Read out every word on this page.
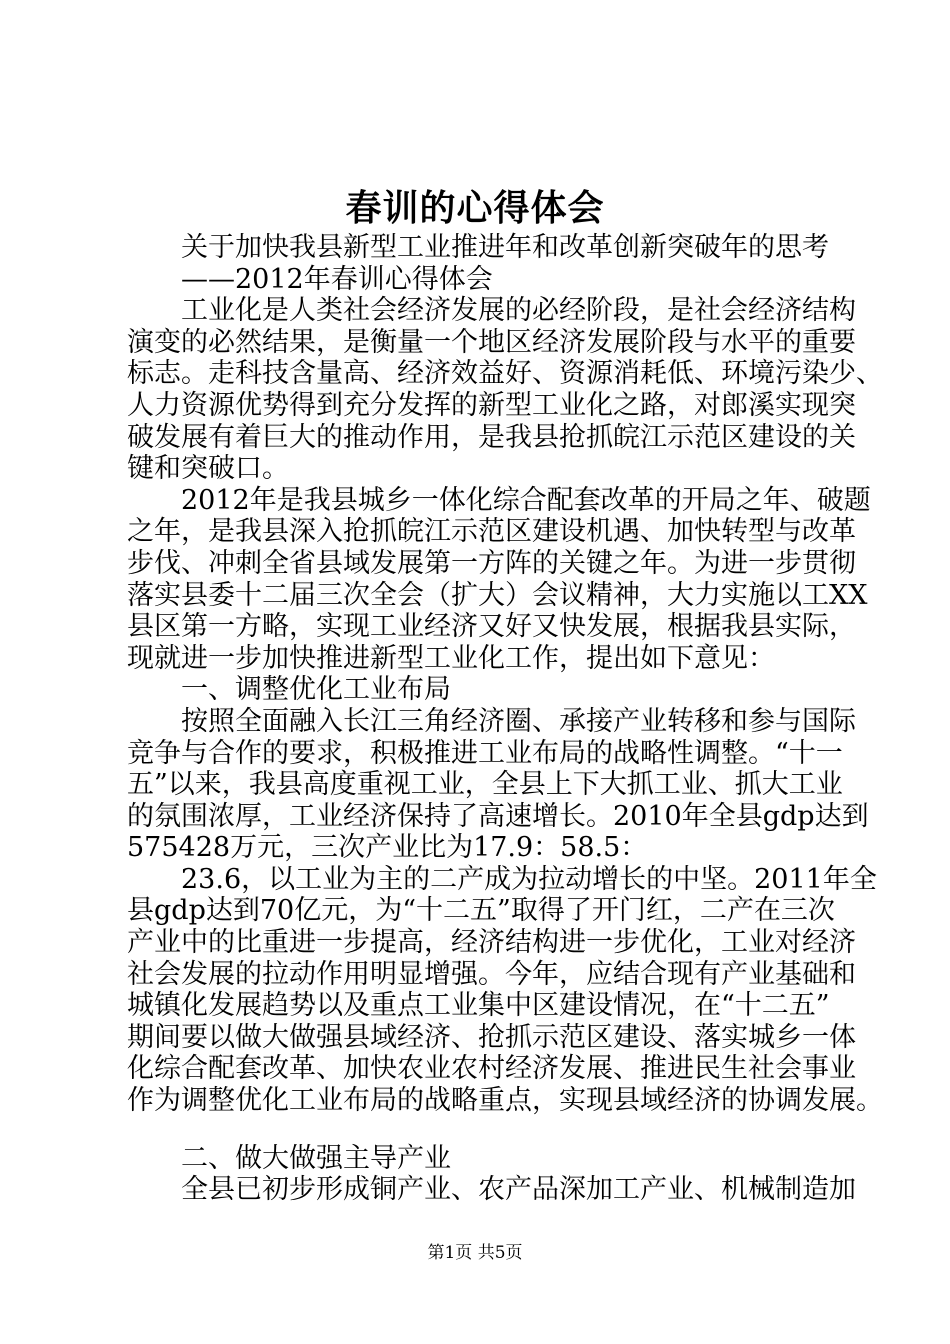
春训的心得体会
关于加快我县新型工业推进年和改革创新突破年的思考
——2012年春训心得体会
工业化是人类社会经济发展的必经阶段，是社会经济结构
演变的必然结果，是衡量一个地区经济发展阶段与水平的重要
标志。走科技含量高、经济效益好、资源消耗低、环境污染少、
人力资源优势得到充分发挥的新型工业化之路，对郎溪实现突
破发展有着巨大的推动作用，是我县抢抓皖江示范区建设的关
键和突破口。
2012年是我县城乡一体化综合配套改革的开局之年、破题
之年，是我县深入抢抓皖江示范区建设机遇、加快转型与改革
步伐、冲刺全省县域发展第一方阵的关键之年。为进一步贯彻
落实县委十二届三次全会（扩大）会议精神，大力实施以工XX
县区第一方略，实现工业经济又好又快发展，根据我县实际，
现就进一步加快推进新型工业化工作，提出如下意见：
一、调整优化工业布局
按照全面融入长江三角经济圈、承接产业转移和参与国际
竞争与合作的要求，积极推进工业布局的战略性调整。“十一
五”以来，我县高度重视工业，全县上下大抓工业、抓大工业
的氛围浓厚，工业经济保持了高速增长。2010年全县gdp达到
575428万元，三次产业比为17.9：58.5：
23.6，以工业为主的二产成为拉动增长的中坚。2011年全
县gdp达到70亿元，为“十二五”取得了开门红，二产在三次
产业中的比重进一步提高，经济结构进一步优化，工业对经济
社会发展的拉动作用明显增强。今年，应结合现有产业基础和
城镇化发展趋势以及重点工业集中区建设情况，在“十二五”
期间要以做大做强县域经济、抢抓示范区建设、落实城乡一体
化综合配套改革、加快农业农村经济发展、推进民生社会事业
作为调整优化工业布局的战略重点，实现县域经济的协调发展。
二、做大做强主导产业
全县已初步形成铜产业、农产品深加工产业、机械制造加
第1页 共5页
